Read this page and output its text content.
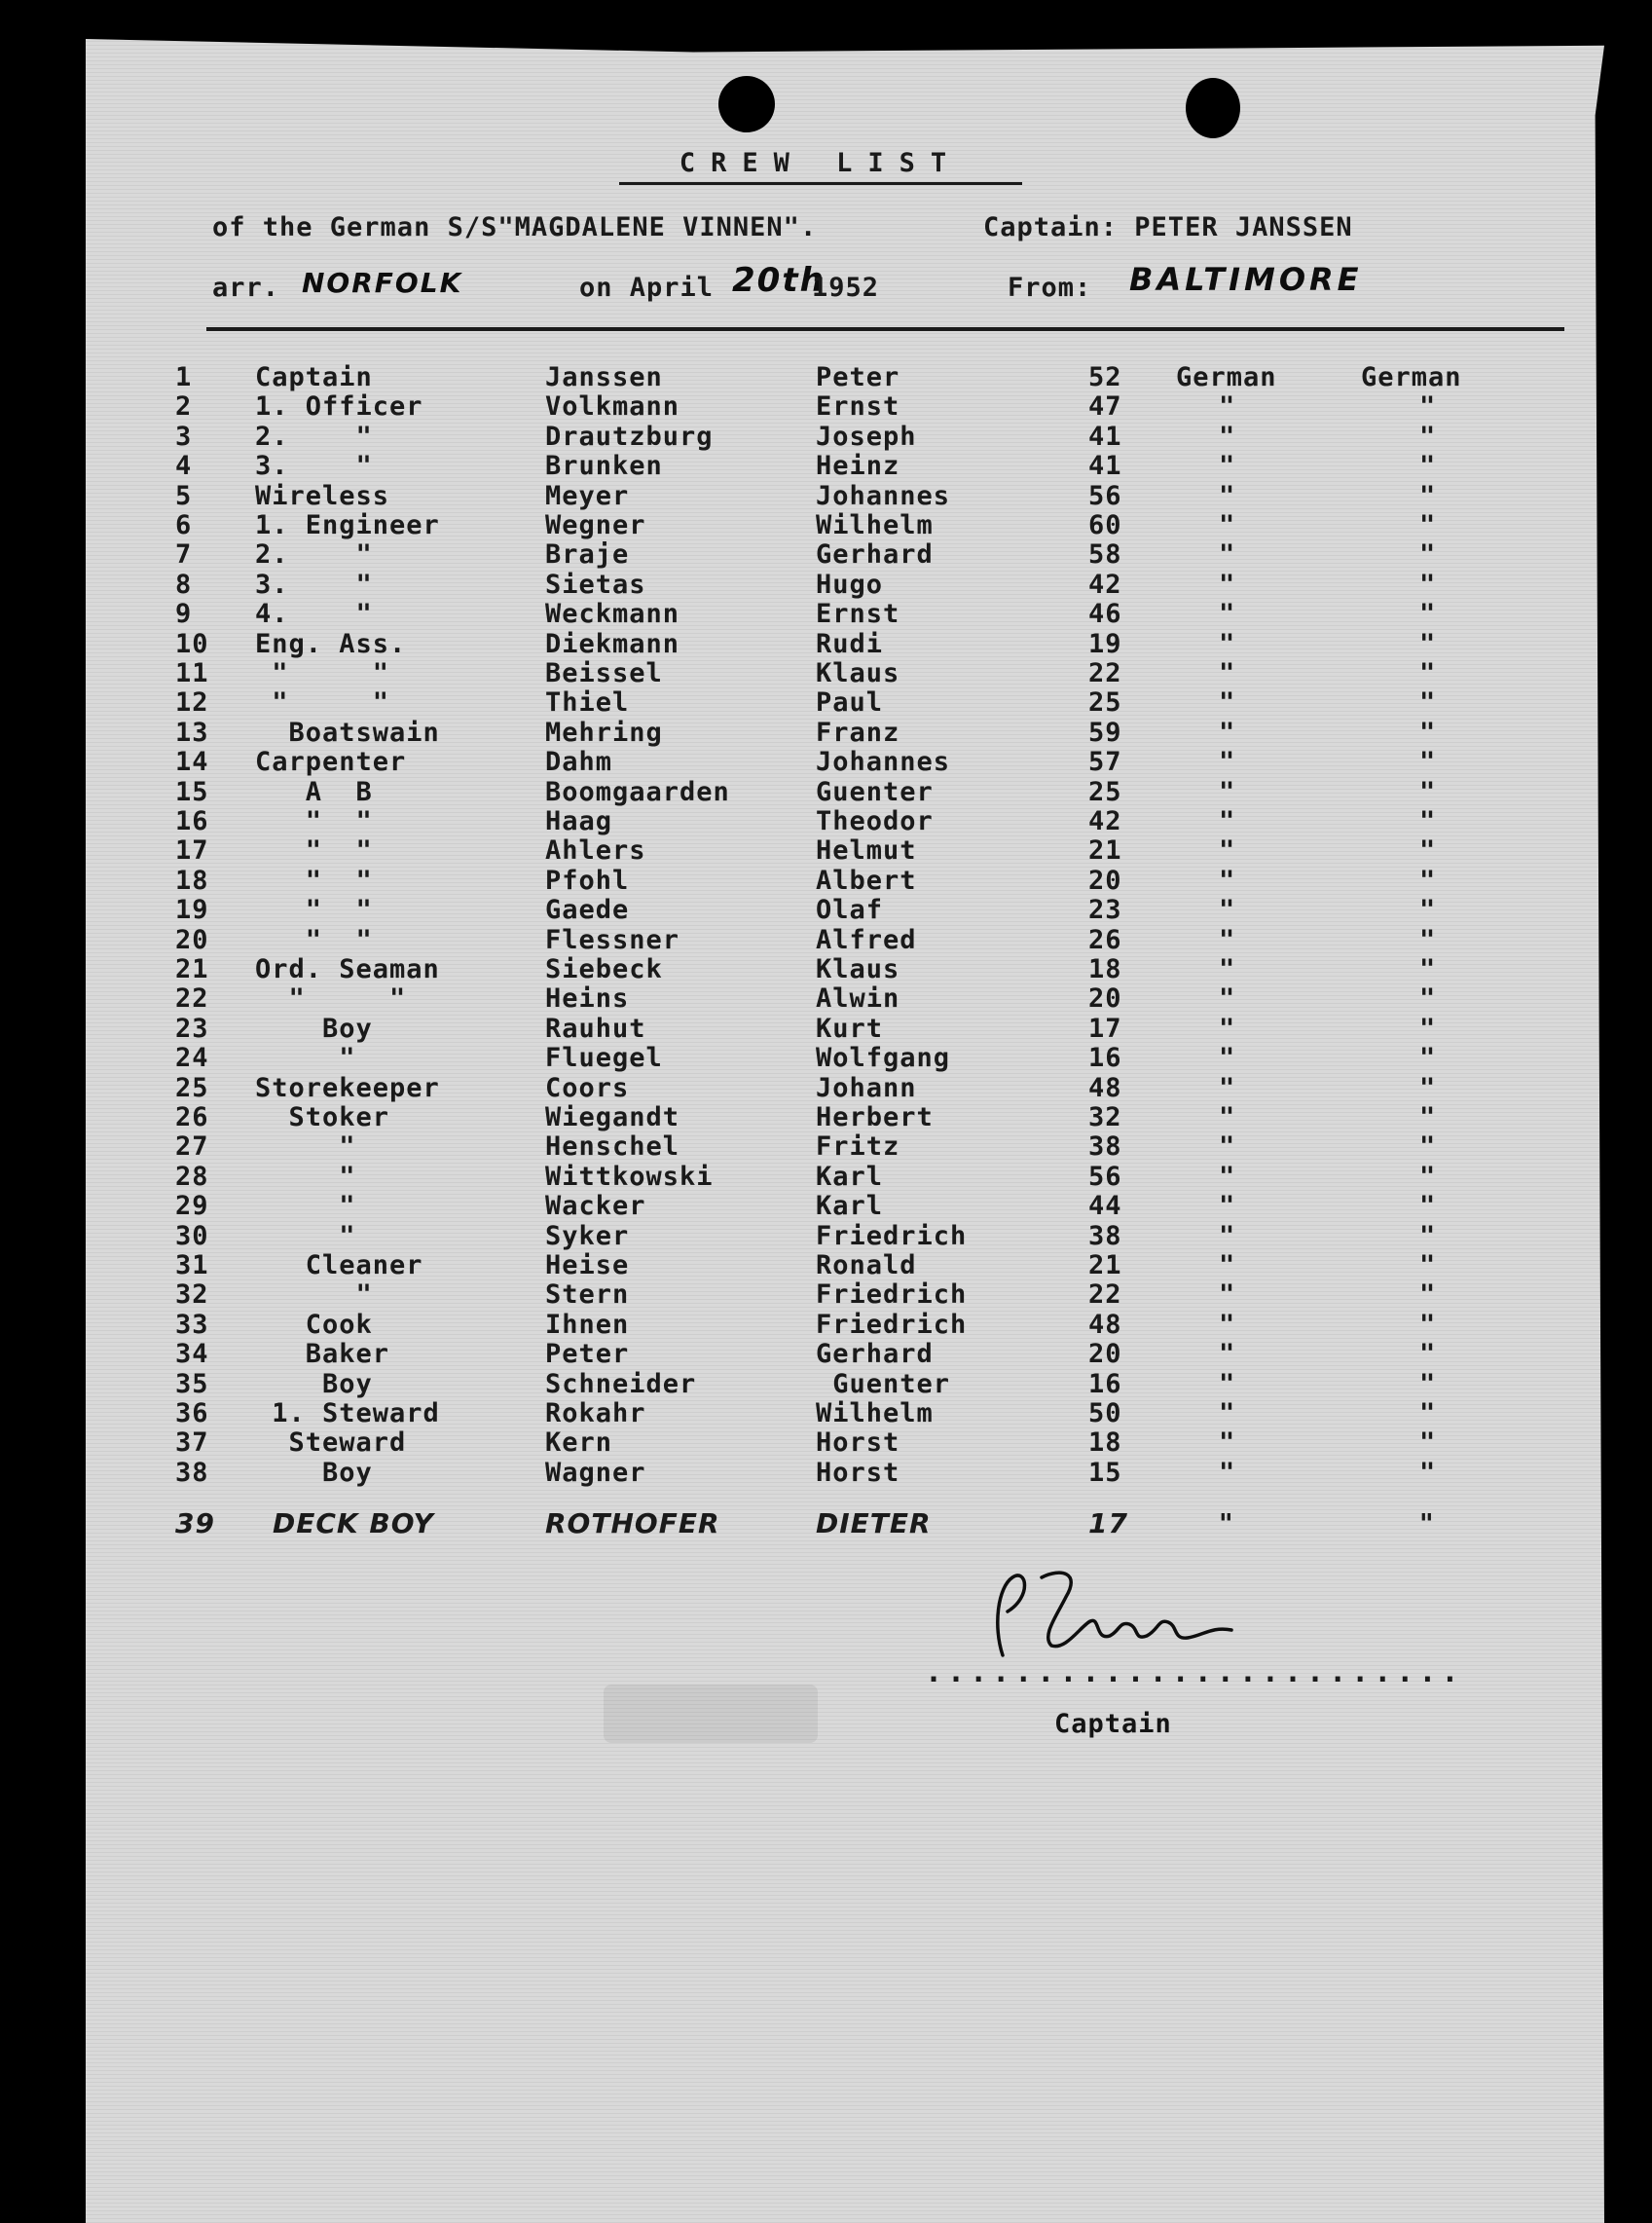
CREW LIST
of the German S/S"MAGDALENE VINNEN".	Captain: PETER JANSSEN
arr. NORFOLK	on April 20th
1952	From: BALTIMORE
1 Captain	Janssen	Peter	52 German	German
2 1. Officer	Volkmann	Ernst	47	"	"
3 2.    "	Drautzburg	Joseph	41	"	"
4 3.    "	Brunken	Heinz	41	"	"
5 Wireless	Meyer	Johannes	56	"	"
6 1. Engineer	Wegner	Wilhelm	60	"	"
7 2.    "	Braje	Gerhard	58	"	"
8 3.    "	Sietas	Hugo	42	"	"
9 4.    "	Weckmann	Ernst	46	"	"
10 Eng. Ass.	Diekmann	Rudi	19	"	"
11 "     "	Beissel	Klaus	22	"	"
12 "     "	Thiel	Paul	25	"	"
13 Boatswain	Mehring	Franz	59	"	"
14 Carpenter	Dahm	Johannes	57	"	"
15 A  B	Boomgaarden	Guenter	25	"	"
16 "  "	Haag	Theodor	42	"	"
17 "  "	Ahlers	Helmut	21	"	"
18 "  "	Pfohl	Albert	20	"	"
19 "  "	Gaede	Olaf	23	"	"
20 "  "	Flessner	Alfred	26	"	"
21 Ord. Seaman	Siebeck	Klaus	18	"	"
22 "     "	Heins	Alwin	20	"	"
23 Boy	Rauhut	Kurt	17	"	"
24 "	Fluegel	Wolfgang	16	"	"
25 Storekeeper	Coors	Johann	48	"	"
26 Stoker	Wiegandt	Herbert	32	"	"
27 "	Henschel	Fritz	38	"	"
28 "	Wittkowski	Karl	56	"	"
29 "	Wacker	Karl	44	"	"
30 "	Syker	Friedrich	38	"	"
31 Cleaner	Heise	Ronald	21	"	"
32 "	Stern	Friedrich	22	"	"
33 Cook	Ihnen	Friedrich	48	"	"
34 Baker	Peter	Gerhard	20	"	"
35 Boy	Schneider	Guenter	16	"	"
36 1. Steward	Rokahr	Wilhelm	50	"	"
37 Steward	Kern	Horst	18	"	"
38 Boy	Wagner	Horst	15	"	"
39 DECK BOY	ROTHOFER	DIETER	17	"	"
........................
Captain
